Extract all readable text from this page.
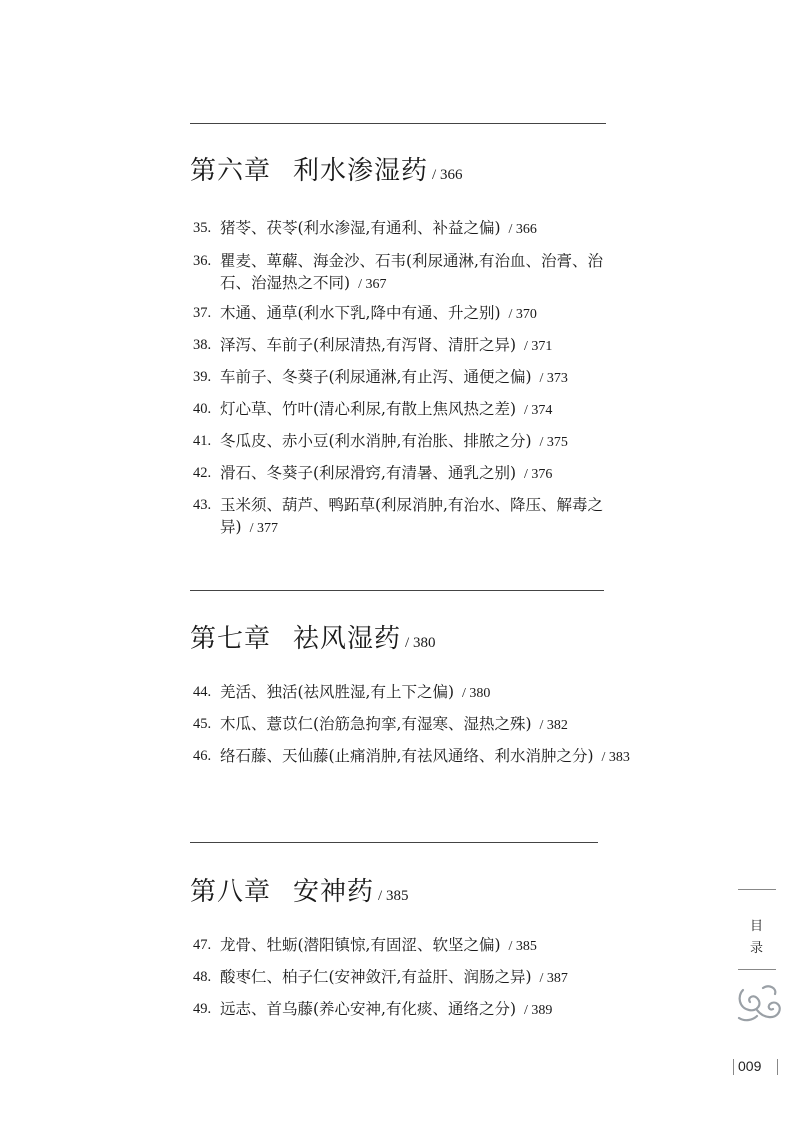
第六章 利水渗湿药 / 366
35. 猪苓、茯苓(利水渗湿,有通利、补益之偏) / 366
36. 瞿麦、萆薢、海金沙、石韦(利尿通淋,有治血、治膏、治石、治湿热之不同) / 367
37. 木通、通草(利水下乳,降中有通、升之别) / 370
38. 泽泻、车前子(利尿清热,有泻肾、清肝之异) / 371
39. 车前子、冬葵子(利尿通淋,有止泻、通便之偏) / 373
40. 灯心草、竹叶(清心利尿,有散上焦风热之差) / 374
41. 冬瓜皮、赤小豆(利水消肿,有治胀、排脓之分) / 375
42. 滑石、冬葵子(利尿滑窍,有清暑、通乳之别) / 376
43. 玉米须、葫芦、鸭跖草(利尿消肿,有治水、降压、解毒之异) / 377
第七章 祛风湿药 / 380
44. 羌活、独活(祛风胜湿,有上下之偏) / 380
45. 木瓜、薏苡仁(治筋急拘挛,有湿寒、湿热之殊) / 382
46. 络石藤、天仙藤(止痛消肿,有祛风通络、利水消肿之分) / 383
第八章 安神药 / 385
47. 龙骨、牡蛎(潜阳镇惊,有固涩、软坚之偏) / 385
48. 酸枣仁、柏子仁(安神敛汗,有益肝、润肠之异) / 387
49. 远志、首乌藤(养心安神,有化痰、通络之分) / 389
目
录
009
